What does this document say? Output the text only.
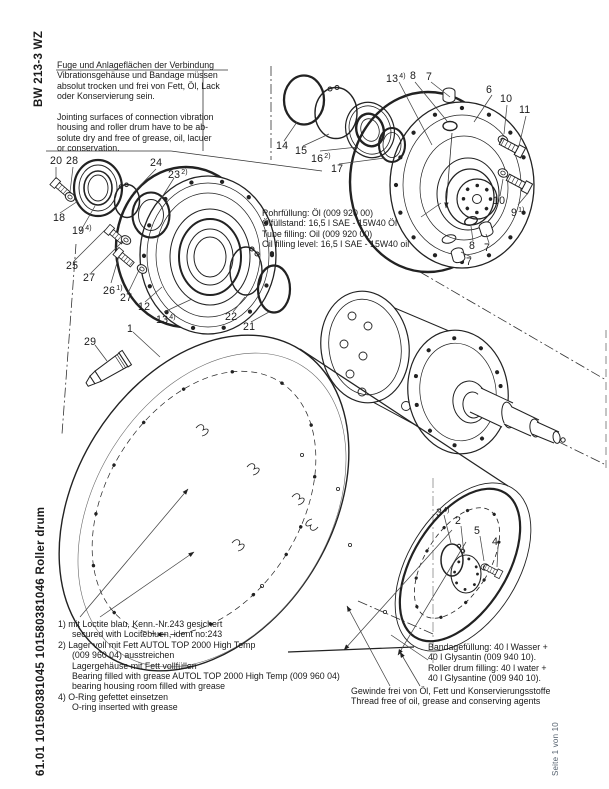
BW 213-3 WZ
61.01 101580381045 101580381046 Roller drum	Seite 1 von 10
Fuge und Anlageflächen der Verbindung
Vibrationsgehäuse und Bandage müssen
absolut trocken und frei von Fett, Öl, Lack
oder Konservierung sein.

Jointing surfaces of connection vibration
housing and roller drum have to be ab-
solute dry and free of grease, oil, lacuer
or conservation.
Rohrfüllung: Öl (009 920 00)
Ölfüllstand: 16,5 l SAE - 15W40 Öl
Tube filling: Oil (009 920 00)
Oil filling level: 16,5 l SAE - 15W40 oil
1) mit Loctite blau, Kenn.-Nr.243 gesichert
secured with Locitebluen, ident no:243
2) Lager voll mit Fett AUTOL TOP 2000 High Temp
(009 960 04) ausstreichen
Lagergehäuse mit Fett vollfüllen
Bearing filled with grease AUTOL TOP 2000 High Temp (009 960 04)
bearing housing room filled with grease
4) O-Ring gefettet einsetzen
O-ring inserted with grease
Bandagefüllung: 40 l Wasser +
40 l Glysantin (009 940 10).
Roller drum filling: 40 l water +
40 l Glysantine (009 940 10).
Gewinde frei von Öl, Fett und Konservierungsstoffe
Thread free of oil, grease and conserving agents
13$^{4)}$ 8 7
6
10
11
10
9$^{1)}$
8 7
7
20 28	24
23$^{2)}$
18
19$^{4)}$
25
27
26$^{1)}$
27
12
13$^{4)}$	22
21
14 15
16$^{2)}$
17
1
29
3$^{4)}$
2
5
4
